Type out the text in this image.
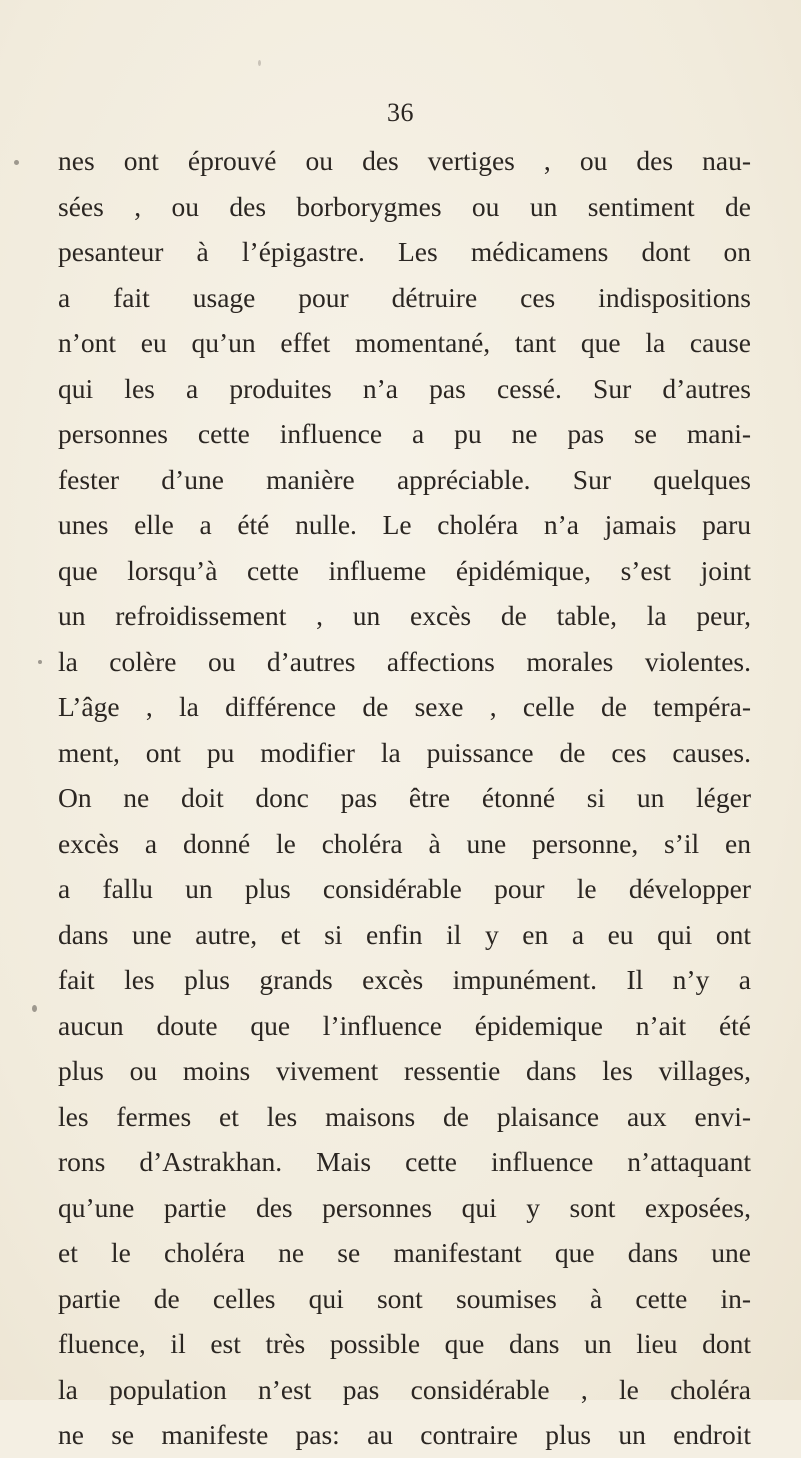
36
nes ont éprouvé ou des vertiges , ou des nau-
sées , ou des borborygmes ou un sentiment de
pesanteur à l’épigastre. Les médicamens dont on
a fait usage pour détruire ces indispositions
n’ont eu qu’un effet momentané, tant que la cause
qui les a produites n’a pas cessé. Sur d’autres
personnes cette influence a pu ne pas se mani-
fester d’une manière appréciable. Sur quelques
unes elle a été nulle. Le choléra n’a jamais paru
que lorsqu’à cette influeme épidémique, s’est joint
un refroidissement , un excès de table, la peur,
la colère ou d’autres affections morales violentes.
L’âge , la différence de sexe , celle de tempéra-
ment, ont pu modifier la puissance de ces causes.
On ne doit donc pas être étonné si un léger
excès a donné le choléra à une personne, s’il en
a fallu un plus considérable pour le développer
dans une autre, et si enfin il y en a eu qui ont
fait les plus grands excès impunément. Il n’y a
aucun doute que l’influence épidemique n’ait été
plus ou moins vivement ressentie dans les villages,
les fermes et les maisons de plaisance aux envi-
rons d’Astrakhan. Mais cette influence n’attaquant
qu’une partie des personnes qui y sont exposées,
et le choléra ne se manifestant que dans une
partie de celles qui sont soumises à cette in-
fluence, il est très possible que dans un lieu dont
la population n’est pas considérable , le choléra
ne se manifeste pas: au contraire plus un endroit
